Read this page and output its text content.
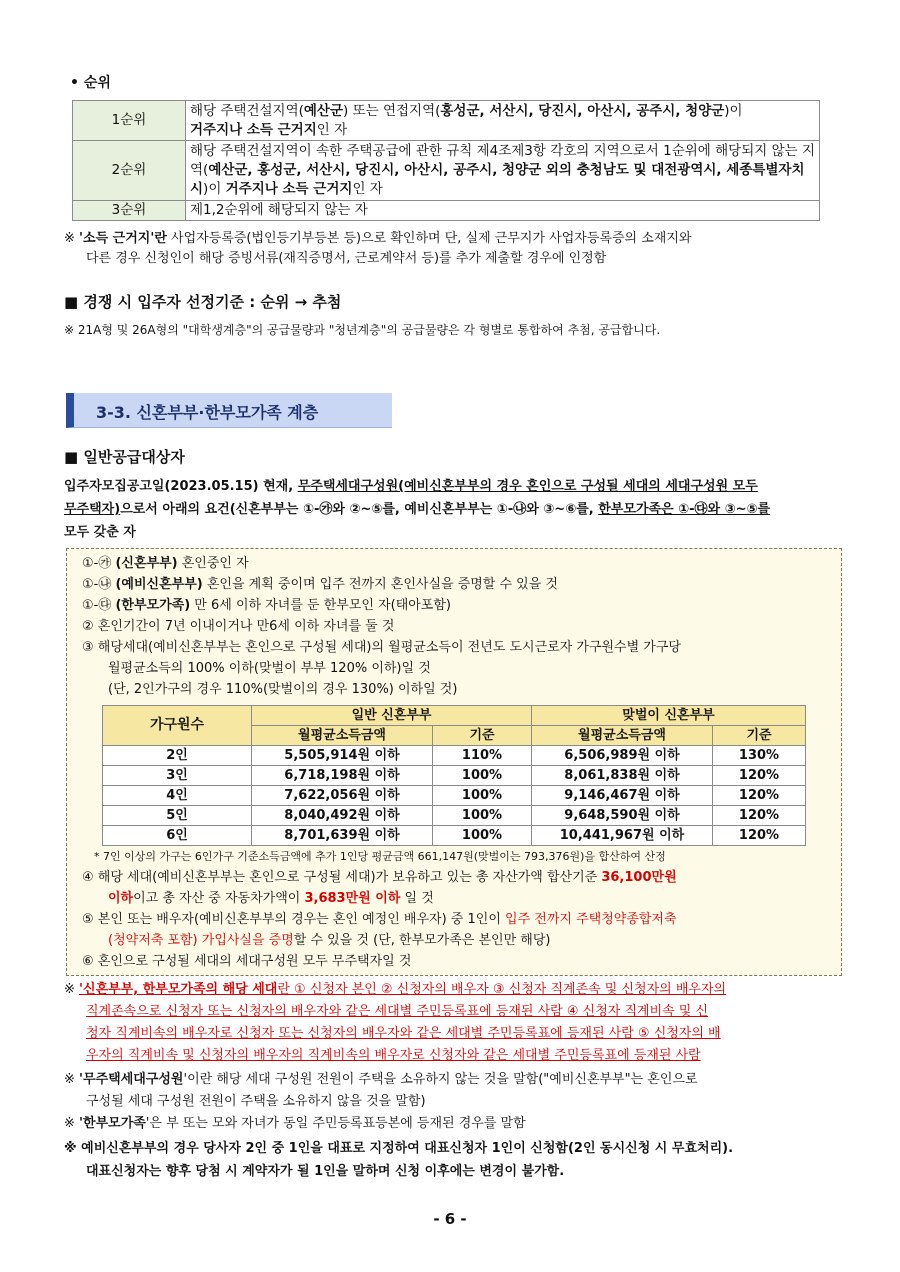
• 순위
1순위	해당 주택건설지역(예산군) 또는 연접지역(홍성군, 서산시, 당진시, 아산시, 공주시, 청양군)이
거주지나 소득 근거지인 자
2순위	해당 주택건설지역이 속한 주택공급에 관한 규칙 제4조제3항 각호의 지역으로서 1순위에 해당되지 않는 지역(예산군, 홍성군, 서산시, 당진시, 아산시, 공주시, 청양군 외의 충청남도 및 대전광역시, 세종특별자치시)이 거주지나 소득 근거지인 자
3순위	제1,2순위에 해당되지 않는 자
※ '소득 근거지'란 사업자등록증(법인등기부등본 등)으로 확인하며 단, 실제 근무지가 사업자등록증의 소재지와
다른 경우 신청인이 해당 증빙서류(재직증명서, 근로계약서 등)를 추가 제출할 경우에 인정함
■ 경쟁 시 입주자 선정기준 : 순위 → 추첨
※ 21A형 및 26A형의 "대학생계층"의 공급물량과 "청년계층"의 공급물량은 각 형별로 통합하여 추첨, 공급합니다.
3-3. 신혼부부·한부모가족 계층
■ 일반공급대상자
입주자모집공고일(2023.05.15) 현재, 무주택세대구성원(예비신혼부부의 경우 혼인으로 구성될 세대의 세대구성원 모두
무주택자)으로서 아래의 요건(신혼부부는 ①-㉮와 ②~⑤를, 예비신혼부부는 ①-㉯와 ③~⑥를, 한부모가족은 ①-㉰와 ③~⑤를
모두 갖춘 자
①-㉮ (신혼부부) 혼인중인 자
①-㉯ (예비신혼부부) 혼인을 계획 중이며 입주 전까지 혼인사실을 증명할 수 있을 것
①-㉰ (한부모가족) 만 6세 이하 자녀를 둔 한부모인 자(태아포함)
② 혼인기간이 7년 이내이거나 만6세 이하 자녀를 둘 것
③ 해당세대(예비신혼부부는 혼인으로 구성될 세대)의 월평균소득이 전년도 도시근로자 가구원수별 가구당
월평균소득의 100% 이하(맞벌이 부부 120% 이하)일 것
(단, 2인가구의 경우 110%(맞벌이의 경우 130%) 이하일 것)
가구원수	일반 신혼부부		맞벌이 신혼부부	
	월평균소득금액	기준	월평균소득금액	기준
2인	5,505,914원 이하	110%	6,506,989원 이하	130%
3인	6,718,198원 이하	100%	8,061,838원 이하	120%
4인	7,622,056원 이하	100%	9,146,467원 이하	120%
5인	8,040,492원 이하	100%	9,648,590원 이하	120%
6인	8,701,639원 이하	100%	10,441,967원 이하	120%
* 7인 이상의 가구는 6인가구 기준소득금액에 추가 1인당 평균금액 661,147원(맞벌이는 793,376원)을 합산하여 산정
④ 해당 세대(예비신혼부부는 혼인으로 구성될 세대)가 보유하고 있는 총 자산가액 합산기준 36,100만원
이하이고 총 자산 중 자동차가액이 3,683만원 이하 일 것
⑤ 본인 또는 배우자(예비신혼부부의 경우는 혼인 예정인 배우자) 중 1인이 입주 전까지 주택청약종합저축
(청약저축 포함) 가입사실을 증명할 수 있을 것 (단, 한부모가족은 본인만 해당)
⑥ 혼인으로 구성될 세대의 세대구성원 모두 무주택자일 것
※ '신혼부부, 한부모가족의 해당 세대란 ① 신청자 본인 ② 신청자의 배우자 ③ 신청자 직계존속 및 신청자의 배우자의
직계존속으로 신청자 또는 신청자의 배우자와 같은 세대별 주민등록표에 등재된 사람 ④ 신청자 직계비속 및 신
청자 직계비속의 배우자로 신청자 또는 신청자의 배우자와 같은 세대별 주민등록표에 등재된 사람 ⑤ 신청자의 배
우자의 직계비속 및 신청자의 배우자의 직계비속의 배우자로 신청자와 같은 세대별 주민등록표에 등재된 사람
※ '무주택세대구성원'이란 해당 세대 구성원 전원이 주택을 소유하지 않는 것을 말함("예비신혼부부"는 혼인으로
구성될 세대 구성원 전원이 주택을 소유하지 않을 것을 말함)
※ '한부모가족'은 부 또는 모와 자녀가 동일 주민등록표등본에 등재된 경우를 말함
※ 예비신혼부부의 경우 당사자 2인 중 1인을 대표로 지정하여 대표신청자 1인이 신청함(2인 동시신청 시 무효처리).
대표신청자는 향후 당첨 시 계약자가 될 1인을 말하며 신청 이후에는 변경이 불가함.
- 6 -
